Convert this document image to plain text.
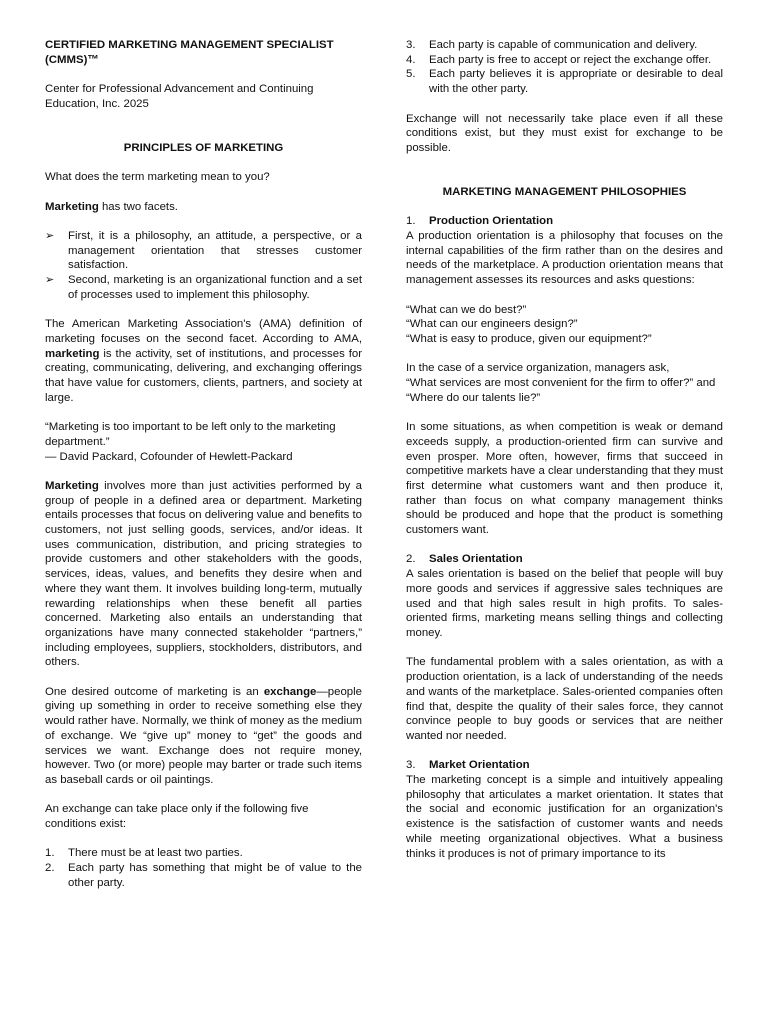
CERTIFIED MARKETING MANAGEMENT SPECIALIST (CMMS)™

Center for Professional Advancement and Continuing Education, Inc. 2025

PRINCIPLES OF MARKETING

What does the term marketing mean to you?

Marketing has two facets.

➢ First, it is a philosophy, an attitude, a perspective, or a management orientation that stresses customer satisfaction.
➢ Second, marketing is an organizational function and a set of processes used to implement this philosophy.

The American Marketing Association's (AMA) definition of marketing focuses on the second facet. According to AMA, marketing is the activity, set of institutions, and processes for creating, communicating, delivering, and exchanging offerings that have value for customers, clients, partners, and society at large.

“Marketing is too important to be left only to the marketing department.”

— David Packard, Cofounder of Hewlett-Packard

Marketing involves more than just activities performed by a group of people in a defined area or department. Marketing entails processes that focus on delivering value and benefits to customers, not just selling goods, services, and/or ideas. It uses communication, distribution, and pricing strategies to provide customers and other stakeholders with the goods, services, ideas, values, and benefits they desire when and where they want them. It involves building long-term, mutually rewarding relationships when these benefit all parties concerned. Marketing also entails an understanding that organizations have many connected stakeholder “partners,” including employees, suppliers, stockholders, distributors, and others.

One desired outcome of marketing is an exchange—people giving up something in order to receive something else they would rather have. Normally, we think of money as the medium of exchange. We “give up” money to “get” the goods and services we want. Exchange does not require money, however. Two (or more) people may barter or trade such items as baseball cards or oil paintings.

An exchange can take place only if the following five conditions exist:

1. There must be at least two parties.
2. Each party has something that might be of value to the other party.
3. Each party is capable of communication and delivery.
4. Each party is free to accept or reject the exchange offer.
5. Each party believes it is appropriate or desirable to deal with the other party.

Exchange will not necessarily take place even if all these conditions exist, but they must exist for exchange to be possible.

MARKETING MANAGEMENT PHILOSOPHIES

1. Production Orientation

A production orientation is a philosophy that focuses on the internal capabilities of the firm rather than on the desires and needs of the marketplace. A production orientation means that management assesses its resources and asks questions:

“What can we do best?”

“What can our engineers design?”

“What is easy to produce, given our equipment?”

In the case of a service organization, managers ask,

“What services are most convenient for the firm to offer?” and

“Where do our talents lie?”

In some situations, as when competition is weak or demand exceeds supply, a production-oriented firm can survive and even prosper. More often, however, firms that succeed in competitive markets have a clear understanding that they must first determine what customers want and then produce it, rather than focus on what company management thinks should be produced and hope that the product is something customers want.

2. Sales Orientation

A sales orientation is based on the belief that people will buy more goods and services if aggressive sales techniques are used and that high sales result in high profits. To sales-oriented firms, marketing means selling things and collecting money.

The fundamental problem with a sales orientation, as with a production orientation, is a lack of understanding of the needs and wants of the marketplace. Sales-oriented companies often find that, despite the quality of their sales force, they cannot convince people to buy goods or services that are neither wanted nor needed.

3. Market Orientation

The marketing concept is a simple and intuitively appealing philosophy that articulates a market orientation. It states that the social and economic justification for an organization's existence is the satisfaction of customer wants and needs while meeting organizational objectives. What a business thinks it produces is not of primary importance to its
